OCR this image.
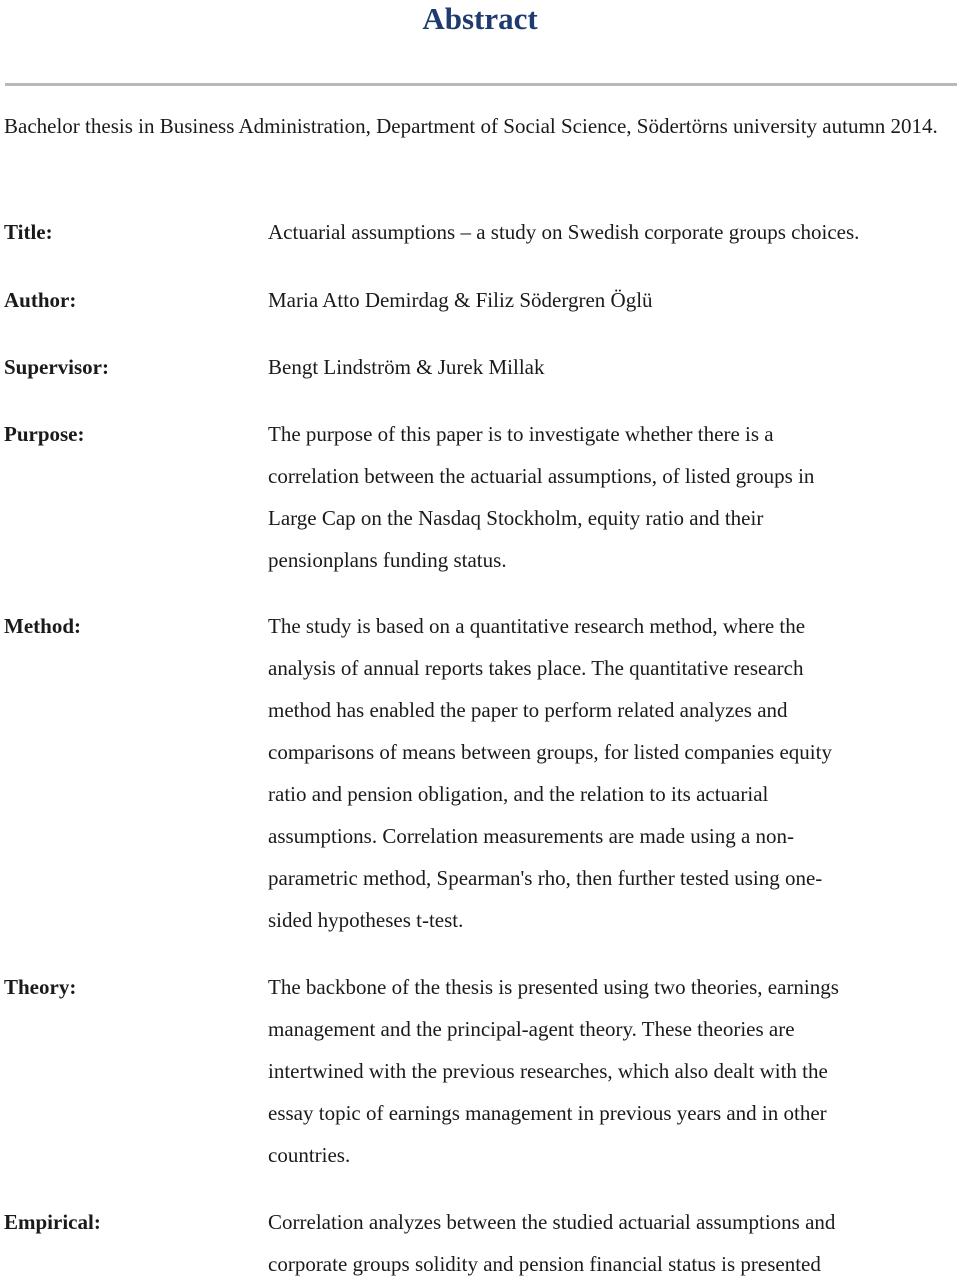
Abstract

Bachelor thesis in Business Administration, Department of Social Science, Södertörns university autumn 2014.

Title:	Actuarial assumptions – a study on Swedish corporate groups choices.

Author:	Maria Atto Demirdag & Filiz Södergren Öglü

Supervisor:	Bengt Lindström & Jurek Millak

Purpose:	The purpose of this paper is to investigate whether there is a

correlation between the actuarial assumptions, of listed groups in

Large Cap on the Nasdaq Stockholm, equity ratio and their

pensionplans funding status.

Method:	The study is based on a quantitative research method, where the

analysis of annual reports takes place. The quantitative research

method has enabled the paper to perform related analyzes and

comparisons of means between groups, for listed companies equity

ratio and pension obligation, and the relation to its actuarial

assumptions. Correlation measurements are made using a non-

parametric method, Spearman's rho, then further tested using one-

sided hypotheses t-test.

Theory:	The backbone of the thesis is presented using two theories, earnings

management and the principal-agent theory. These theories are

intertwined with the previous researches, which also dealt with the

essay topic of earnings management in previous years and in other

countries.

Empirical:	Correlation analyzes between the studied actuarial assumptions and

corporate groups solidity and pension financial status is presented
